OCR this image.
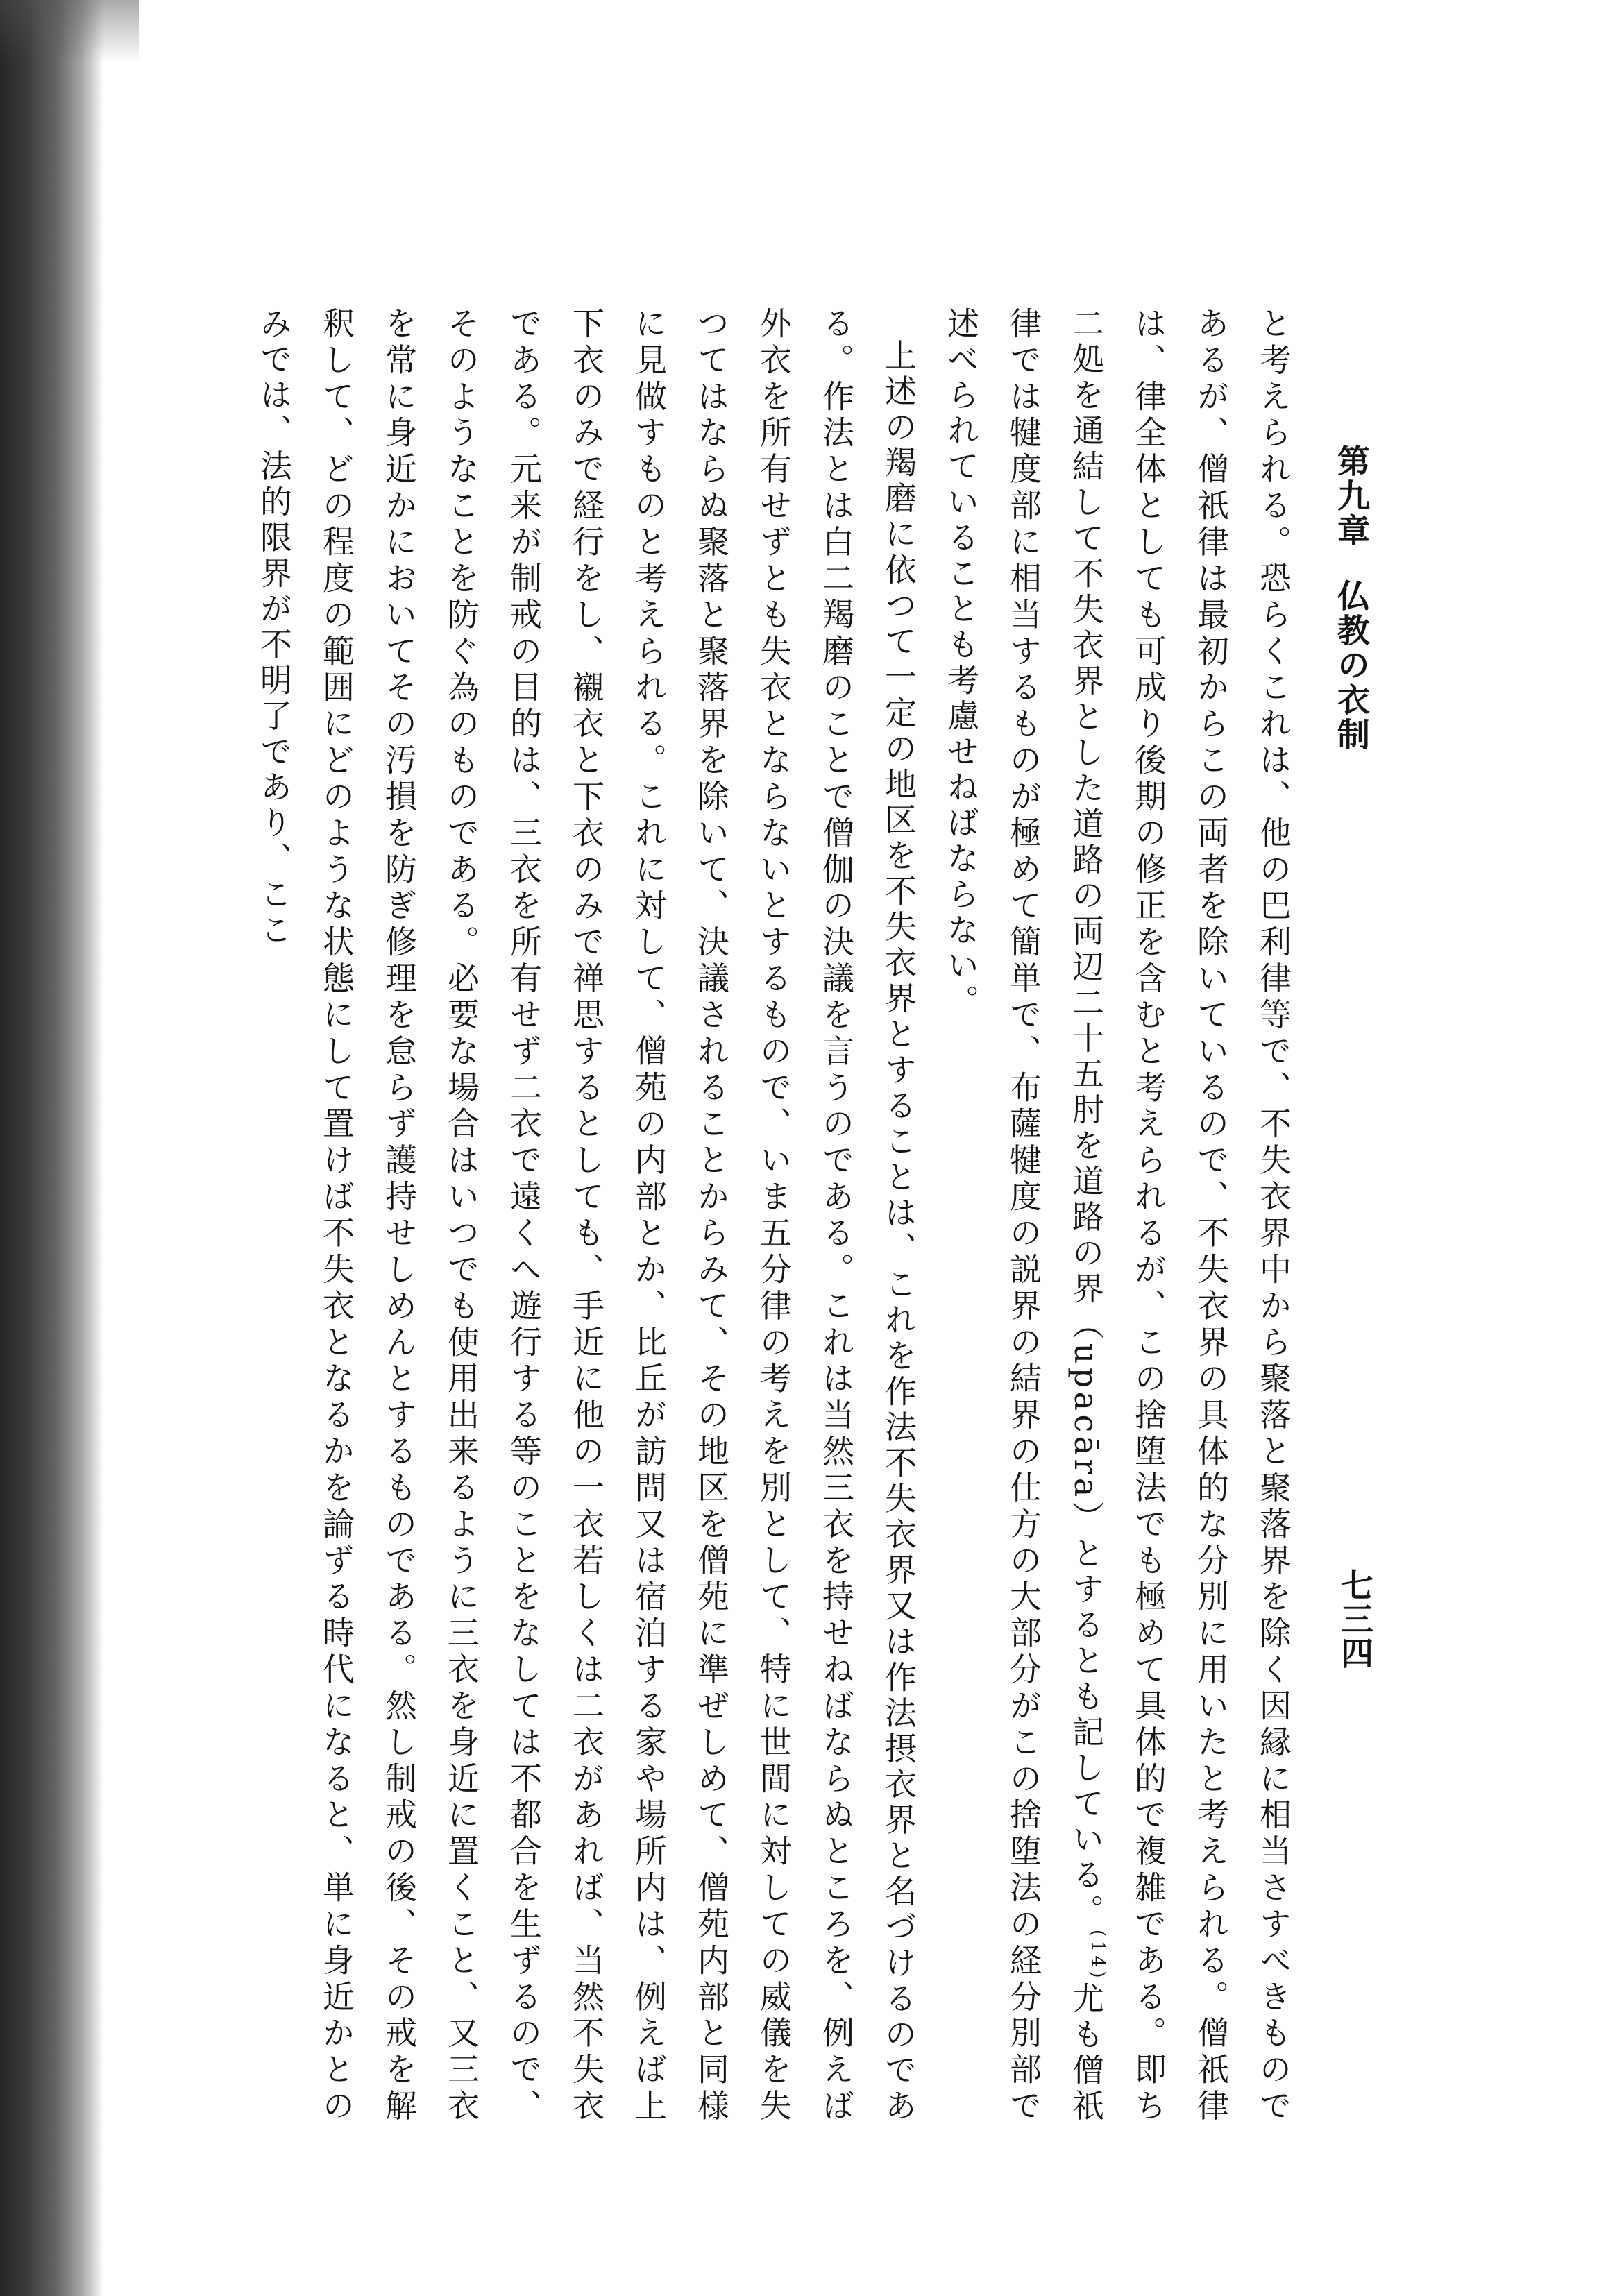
第九章仏教の衣制
七三四

と考えられる。恐らくこれは、他の巴利律等で、不失衣界中から聚落と聚落界を除く因縁に相当さすべきものであるが、僧祇律は最初からこの両者を除いているので、不失衣界の具体的な分別に用いたと考えられる。僧祇律は、律全体としても可成り後期の修正を含むと考えられるが、この捨堕法でも極めて具体的で複雑である。即ち二処を通結して不失衣界とした道路の両辺二十五肘を道路の界（upacāra）とするとも記している。$^{(14)}$尤も僧祇律では犍度部に相当するものが極めて簡単で、布薩犍度の説界の結界の仕方の大部分がこの捨堕法の経分別部で述べられていることも考慮せねばならない。

上述の羯磨に依つて一定の地区を不失衣界とすることは、これを作法不失衣界又は作法摂衣界と名づけるのである。作法とは白二羯磨のことで僧伽の決議を言うのである。これは当然三衣を持せねばならぬところを、例えば外衣を所有せずとも失衣とならないとするもので、いま五分律の考えを別として、特に世間に対しての威儀を失つてはならぬ聚落と聚落界を除いて、決議されることからみて、その地区を僧苑に準ぜしめて、僧苑内部と同様に見做すものと考えられる。これに対して、僧苑の内部とか、比丘が訪問又は宿泊する家や場所内は、例えば上下衣のみで経行をし、襯衣と下衣のみで禅思するとしても、手近に他の一衣若しくは二衣があれば、当然不失衣である。元来が制戒の目的は、三衣を所有せず二衣で遠くへ遊行する等のことをなしては不都合を生ずるので、そのようなことを防ぐ為のものである。必要な場合はいつでも使用出来るように三衣を身近に置くこと、又三衣を常に身近かにおいてその汚損を防ぎ修理を怠らず護持せしめんとするものである。然し制戒の後、その戒を解釈して、どの程度の範囲にどのような状態にして置けば不失衣となるかを論ずる時代になると、単に身近かとのみでは、法的限界が不明了であり、ここ
